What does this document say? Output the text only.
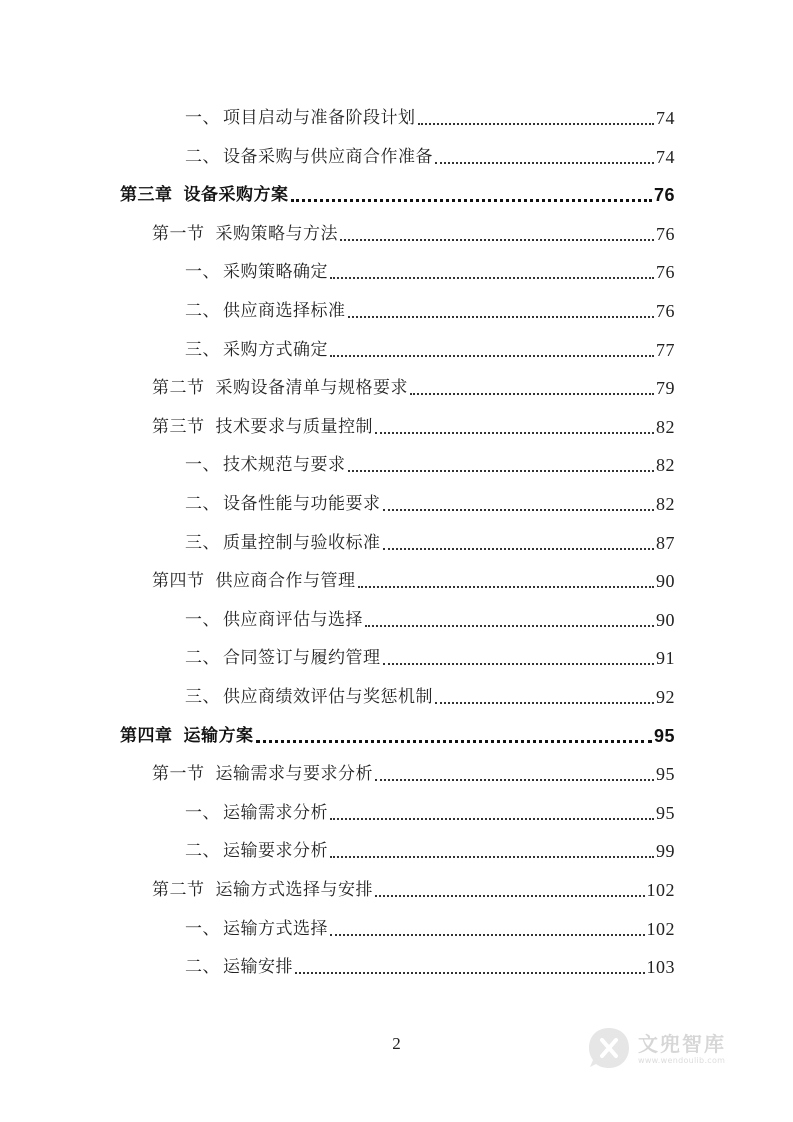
一、 项目启动与准备阶段计划	74
二、 设备采购与供应商合作准备	74
第三章 设备采购方案	76
第一节 采购策略与方法	76
一、 采购策略确定	76
二、 供应商选择标准	76
三、 采购方式确定	77
第二节 采购设备清单与规格要求	79
第三节 技术要求与质量控制	82
一、 技术规范与要求	82
二、 设备性能与功能要求	82
三、 质量控制与验收标准	87
第四节 供应商合作与管理	90
一、 供应商评估与选择	90
二、 合同签订与履约管理	91
三、 供应商绩效评估与奖惩机制	92
第四章 运输方案	95
第一节 运输需求与要求分析	95
一、 运输需求分析	95
二、 运输要求分析	99
第二节 运输方式选择与安排	102
一、 运输方式选择	102
二、 运输安排	103
2	文兜智库
www.wendoulib.com
